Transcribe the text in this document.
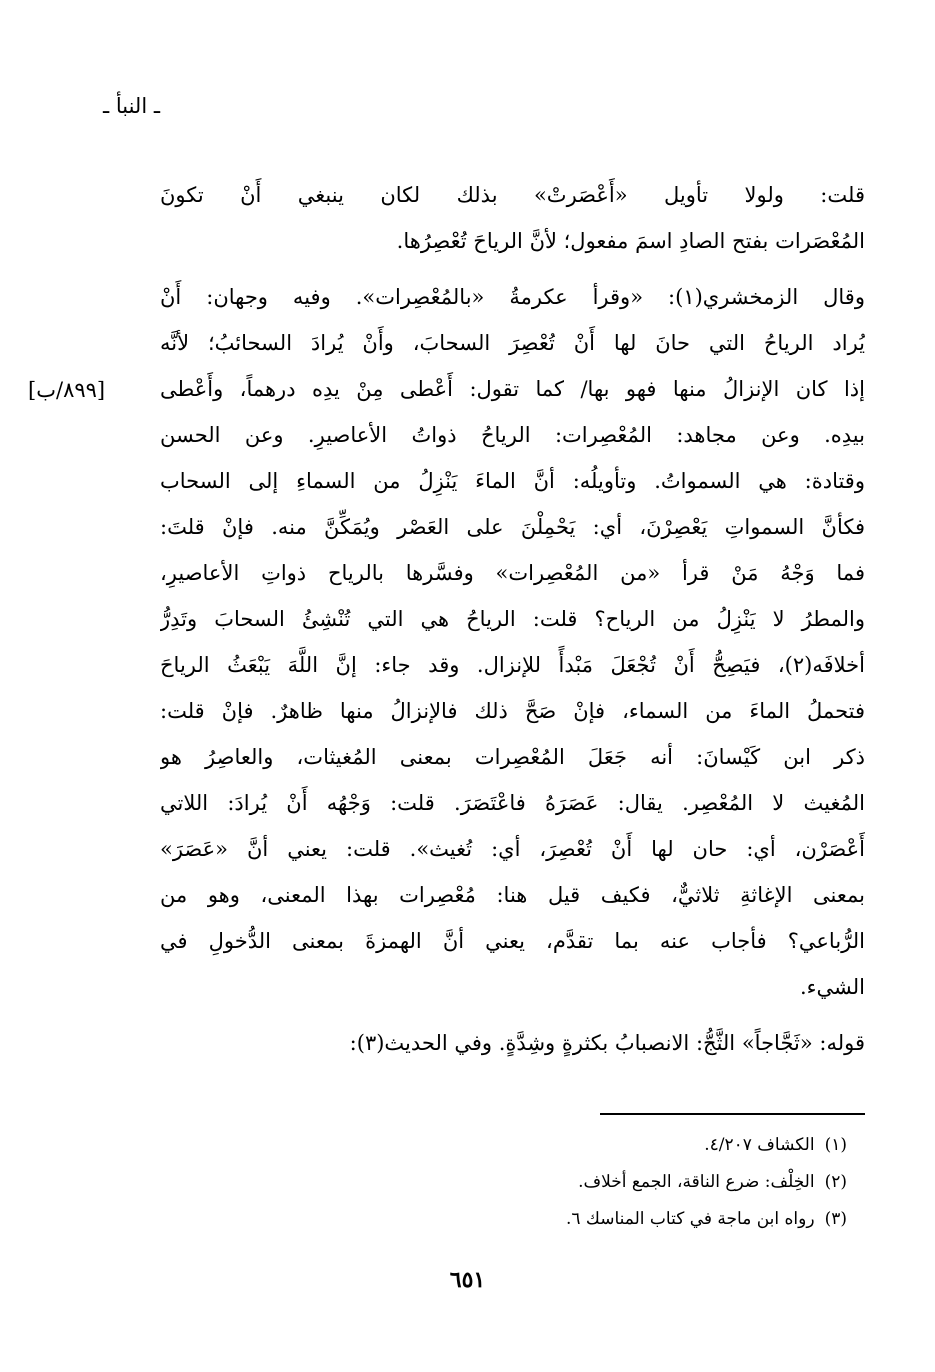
ـ النبأ ـ
[٨٩٩/ب]
قلت: ولولا تأويل «أَعْصَرتْ» بذلك لكان ينبغي أَنْ تكونَ
المُعْصَرات بفتح الصادِ اسمَ مفعول؛ لأنَّ الرياحَ تُعْصِرُها.
وقال الزمخشري(١): «وقرأ عكرمةُ «بالمُعْصِرات». وفيه وجهان: أَنْ
يُراد الرياحُ التي حانَ لها أَنْ تُعْصِرَ السحابَ، وأَنْ يُرادَ السحائبُ؛ لأنَّه
إذا كان الإنزالُ منها فهو بها/ كما تقول: أَعْطى مِنْ يدِه درهماً، وأَعْطى
بيدِه. وعن مجاهد: المُعْصِرات: الرياحُ ذواتُ الأعاصيرِ. وعن الحسن
وقتادة: هي السمواتُ. وتأويلُه: أنَّ الماءَ يَنْزِلُ من السماءِ إلى السحاب
فكأنَّ السمواتِ يَعْصِرْنَ، أي: يَحْمِلْنَ على العَصْر ويُمَكِّنَّ منه. فإنْ قلتَ:
فما وَجْهُ مَنْ قرأ «من المُعْصِرات» وفسَّرها بالرياح ذواتِ الأعاصيرِ،
والمطرُ لا يَنْزِلُ من الرياح؟ قلت: الرياحُ هي التي تُنْشِئُ السحابَ وتَدِرُّ
أخلافَه(٢)، فيَصِحُّ أَنْ تُجْعَلَ مَبْدأً للإنزال. وقد جاء: إنَّ اللَّهَ يَبْعَثُ الرياحَ
فتحملُ الماءَ من السماء، فإنْ صَحَّ ذلك فالإنزالُ منها ظاهرٌ. فإنْ قلت:
ذكر ابن كَيْسانَ: أنه جَعَلَ المُعْصِرات بمعنى المُغيثات، والعاصِرُ هو
المُغيث لا المُعْصِر. يقال: عَصَرَهُ فاعْتَصَرَ. قلت: وَجْهُه أَنْ يُرادَ: اللاتي
أَعْصَرْن، أي: حان لها أَنْ تُعْصِرَ، أي: تُغيث». قلت: يعني أنَّ «عَصَرَ»
بمعنى الإغاثةِ ثلاثيٌّ، فكيف قيل هنا: مُعْصِرات بهذا المعنى، وهو من
الرُّباعي؟ فأجاب عنه بما تقدَّم، يعني أنَّ الهمزةَ بمعنى الدُّخولِ في
الشيء.
قوله: «ثَجَّاجاً» الثَّجُّ: الانصبابُ بكثرةٍ وشِدَّةٍ. وفي الحديث(٣):
(١)الكشاف ٤/٢٠٧.
(٢)الخِلْف: ضرع الناقة، الجمع أخلاف.
(٣)رواه ابن ماجة في كتاب المناسك ٦.
٦٥١
